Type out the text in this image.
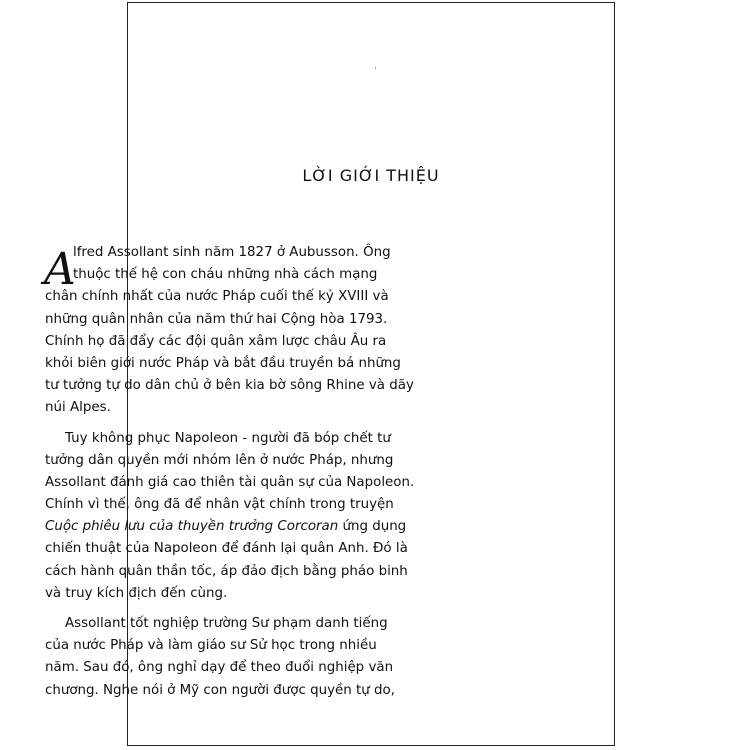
LỜI GIỚI THIỆU
A
lfred Assollant sinh năm 1827 ở Aubusson. Ông
thuộc thế hệ con cháu những nhà cách mạng
chân chính nhất của nước Pháp cuối thế kỷ XVIII và
những quân nhân của năm thứ hai Cộng hòa 1793.
Chính họ đã đẩy các đội quân xâm lược châu Âu ra
khỏi biên giới nước Pháp và bắt đầu truyền bá những
tư tưởng tự do dân chủ ở bên kia bờ sông Rhine và dãy
núi Alpes.
Tuy không phục Napoleon - người đã bóp chết tư
tưởng dân quyền mới nhóm lên ở nước Pháp, nhưng
Assollant đánh giá cao thiên tài quân sự của Napoleon.
Chính vì thế, ông đã để nhân vật chính trong truyện
Cuộc phiêu lưu của thuyền trưởng Corcoran ứng dụng
chiến thuật của Napoleon để đánh lại quân Anh. Đó là
cách hành quân thần tốc, áp đảo địch bằng pháo binh
và truy kích địch đến cùng.
Assollant tốt nghiệp trường Sư phạm danh tiếng
của nước Pháp và làm giáo sư Sử học trong nhiều
năm. Sau đó, ông nghỉ dạy để theo đuổi nghiệp văn
chương. Nghe nói ở Mỹ con người được quyền tự do,
